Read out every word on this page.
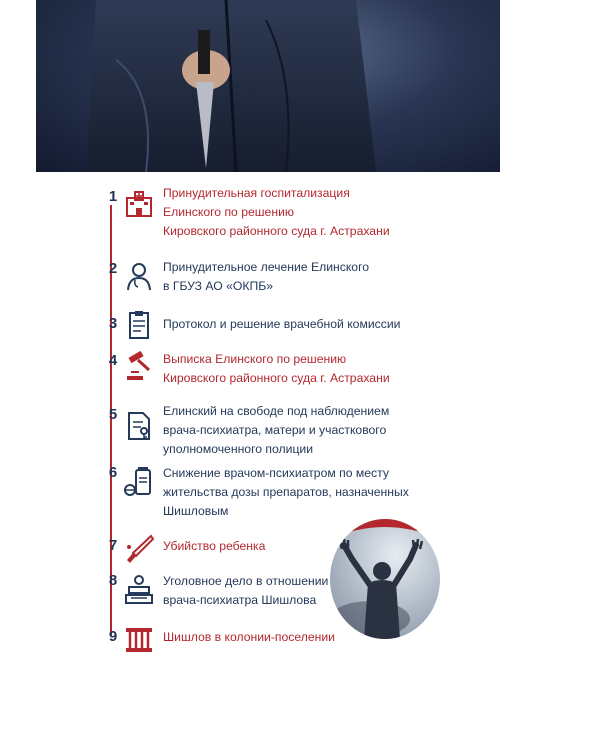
1	Принудительная госпитализация
Елинского по решению
Кировского районного суда г. Астрахани
2	Принудительное лечение Елинского
в ГБУЗ АО «ОКПБ»
3	Протокол и решение врачебной комиссии
4	Выписка Елинского по решению
Кировского районного суда г. Астрахани
5	Елинский на свободе под наблюдением
врача-психиатра, матери и участкового
уполномоченного полиции
6	Снижение врачом-психиатром по месту
жительства дозы препаратов, назначенных
Шишловым
7	Убийство ребенка
8	Уголовное дело в отношении
врача-психиатра Шишлова
9	Шишлов в колонии-поселении
